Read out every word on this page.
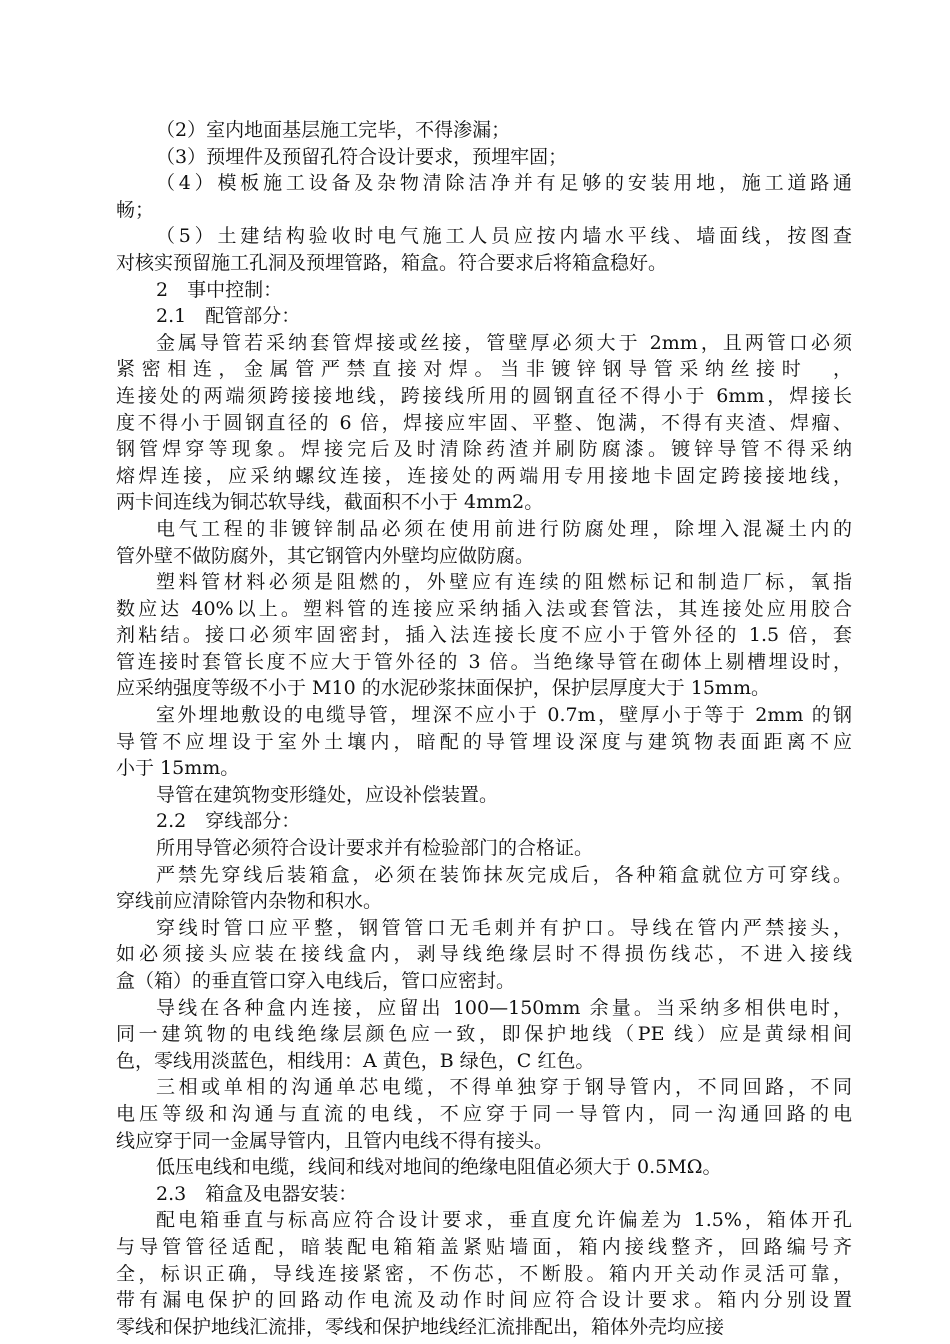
（2）室内地面基层施工完毕，不得渗漏；
（3）预埋件及预留孔符合设计要求，预埋牢固；
（4）模板施工设备及杂物清除洁净并有足够的安装用地，施工道路通
畅；
（5）土建结构验收时电气施工人员应按内墙水平线、墙面线，按图查
对核实预留施工孔洞及预埋管路，箱盒。符合要求后将箱盒稳好。
2　事中控制：
2.1　配管部分：
金属导管若采纳套管焊接或丝接，管壁厚必须大于 2mm，且两管口必须
紧密相连，金属管严禁直接对焊。当非镀锌钢导管采纳丝接时　，
连接处的两端须跨接接地线，跨接线所用的圆钢直径不得小于 6mm，焊接长
度不得小于圆钢直径的 6 倍，焊接应牢固、平整、饱满，不得有夹渣、焊瘤、
钢管焊穿等现象。焊接完后及时清除药渣并刷防腐漆。镀锌导管不得采纳
熔焊连接，应采纳螺纹连接，连接处的两端用专用接地卡固定跨接接地线，
两卡间连线为铜芯软导线，截面积不小于 4mm2。
电气工程的非镀锌制品必须在使用前进行防腐处理，除埋入混凝土内的
管外壁不做防腐外，其它钢管内外壁均应做防腐。
塑料管材料必须是阻燃的，外壁应有连续的阻燃标记和制造厂标，氧指
数应达 40%以上。塑料管的连接应采纳插入法或套管法，其连接处应用胶合
剂粘结。接口必须牢固密封，插入法连接长度不应小于管外径的 1.5 倍，套
管连接时套管长度不应大于管外径的 3 倍。当绝缘导管在砌体上剔槽埋设时，
应采纳强度等级不小于 M10 的水泥砂浆抹面保护，保护层厚度大于 15mm。
室外埋地敷设的电缆导管，埋深不应小于 0.7m，壁厚小于等于 2mm 的钢
导管不应埋设于室外土壤内，暗配的导管埋设深度与建筑物表面距离不应
小于 15mm。
导管在建筑物变形缝处，应设补偿装置。
2.2　穿线部分：
所用导管必须符合设计要求并有检验部门的合格证。
严禁先穿线后装箱盒，必须在装饰抹灰完成后，各种箱盒就位方可穿线。
穿线前应清除管内杂物和积水。
穿线时管口应平整，钢管管口无毛刺并有护口。导线在管内严禁接头，
如必须接头应装在接线盒内，剥导线绝缘层时不得损伤线芯，不进入接线
盒（箱）的垂直管口穿入电线后，管口应密封。
导线在各种盒内连接，应留出 100—150mm 余量。当采纳多相供电时，
同一建筑物的电线绝缘层颜色应一致，即保护地线（PE 线）应是黄绿相间
色，零线用淡蓝色，相线用：A 黄色，B 绿色，C 红色。
三相或单相的沟通单芯电缆，不得单独穿于钢导管内，不同回路，不同
电压等级和沟通与直流的电线，不应穿于同一导管内，同一沟通回路的电
线应穿于同一金属导管内，且管内电线不得有接头。
低压电线和电缆，线间和线对地间的绝缘电阻值必须大于 0.5MΩ。
2.3　箱盒及电器安装：
配电箱垂直与标高应符合设计要求，垂直度允许偏差为 1.5%，箱体开孔
与导管管径适配，暗装配电箱箱盖紧贴墙面，箱内接线整齐，回路编号齐
全，标识正确，导线连接紧密，不伤芯，不断股。箱内开关动作灵活可靠，
带有漏电保护的回路动作电流及动作时间应符合设计要求。箱内分别设置
零线和保护地线汇流排，零线和保护地线经汇流排配出，箱体外壳均应接
